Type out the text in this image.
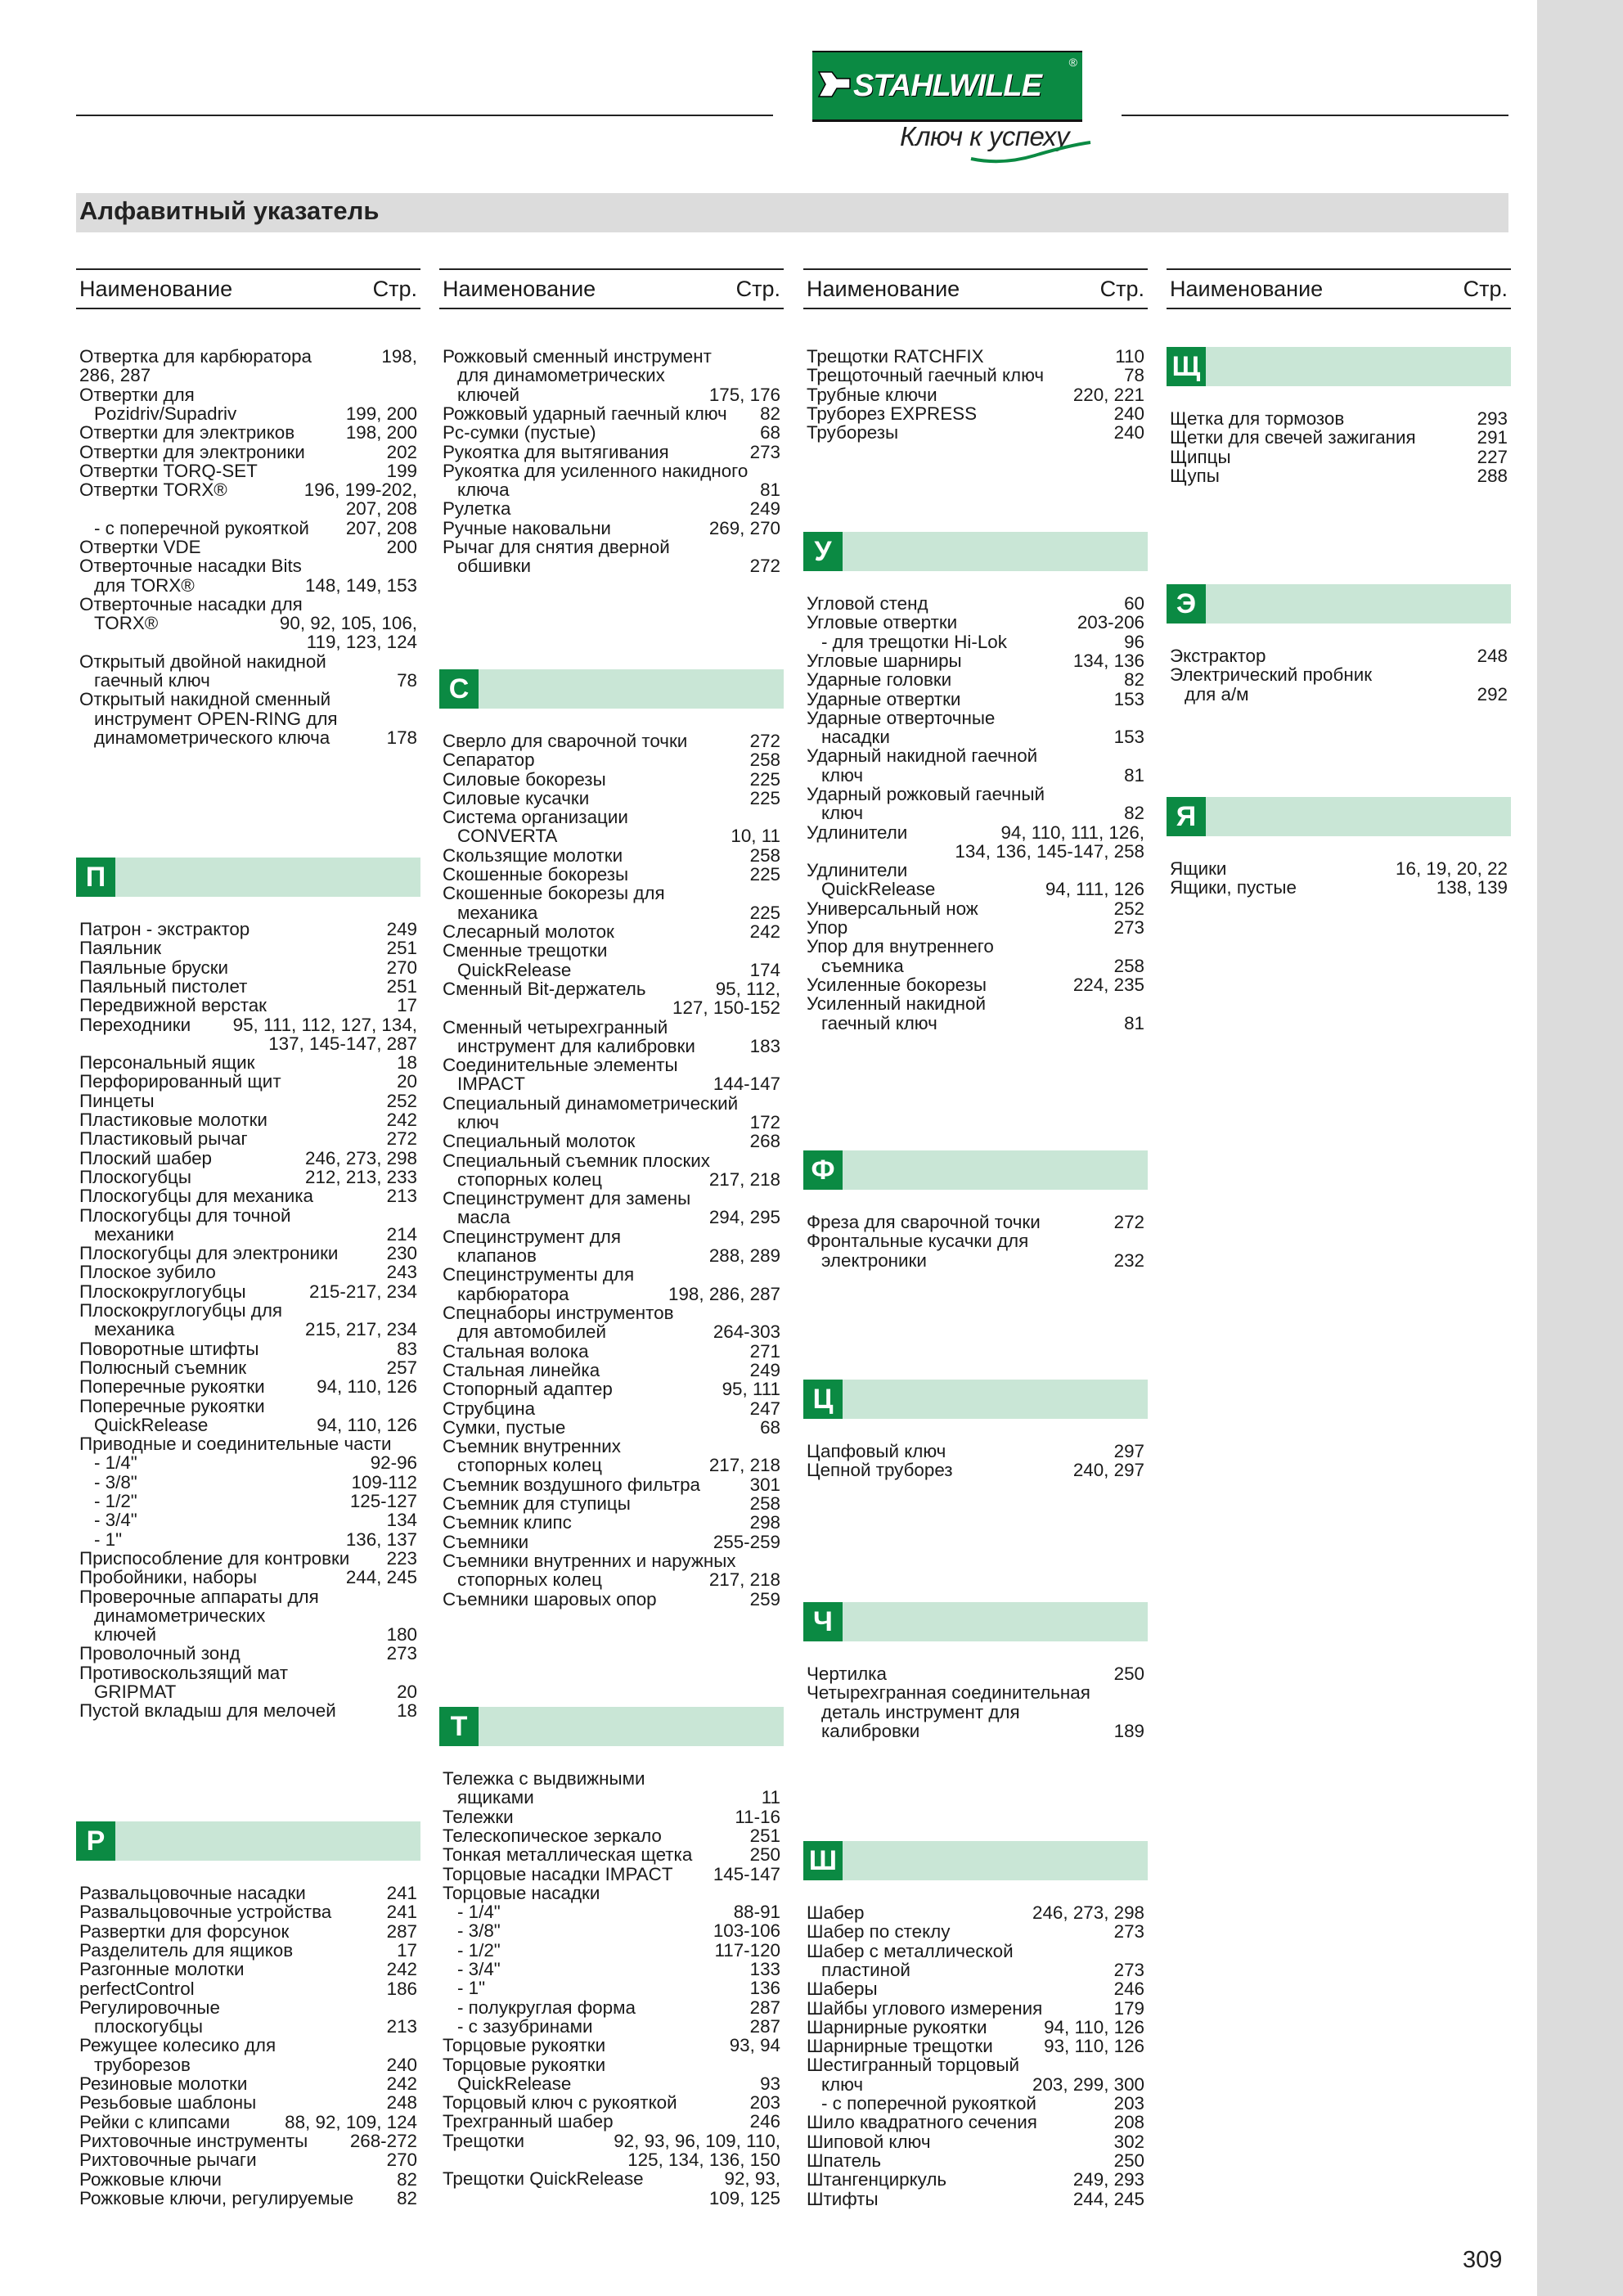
STAHLWILLE
®
Ключ к успеху
Алфавитный указатель
Наименование	Стр.
Отвертка для карбюратора	198,
286, 287
Отвертки для
Pozidriv/Supadriv	199, 200
Отвертки для электриков	198, 200
Отвертки для электроники	202
Отвертки TORQ-SET	199
Отвертки TORX®	196, 199-202,
207, 208
- с поперечной рукояткой 207, 208
Отвертки VDE	200
Отверточные насадки Bits
для TORX®	148, 149, 153
Отверточные насадки для
TORX®	90, 92, 105, 106,
119, 123, 124
Открытый двойной накидной
гаечный ключ	78
Открытый накидной сменный
инструмент OPEN-RING для
динамометрического ключа	178
П
Патрон - экстрактор	249
Паяльник	251
Паяльные бруски	270
Паяльный пистолет	251
Передвижной верстак	17
Переходники 95, 111, 112, 127, 134,
137, 145-147, 287
Персональный ящик	18
Перфорированный щит	20
Пинцеты	252
Пластиковые молотки	242
Пластиковый рычаг	272
Плоский шабер	246, 273, 298
Плоскогубцы	212, 213, 233
Плоскогубцы для механика	213
Плоскогубцы для точной
механики	214
Плоскогубцы для электроники	230
Плоское зубило	243
Плоскокруглогубцы	215-217, 234
Плоскокруглогубцы для
механика	215, 217, 234
Поворотные штифты	83
Полюсный съемник	257
Поперечные рукоятки	94, 110, 126
Поперечные рукоятки
QuickRelease	94, 110, 126
Приводные и соединительные части
- 1/4"	92-96
- 3/8"	109-112
- 1/2"	125-127
- 3/4"	134
- 1"	136, 137
Приспособление для контровки 223
Пробойники, наборы	244, 245
Проверочные аппараты для
динамометрических
ключей	180
Проволочный зонд	273
Противоскользящий мат
GRIPMAT	20
Пустой вкладыш для мелочей	18
Р
Развальцовочные насадки	241
Развальцовочные устройства	241
Развертки для форсунок	287
Разделитель для ящиков	17
Разгонные молотки	242
perfectControl	186
Регулировочные
плоскогубцы	213
Режущее колесико для
труборезов	240
Резиновые молотки	242
Резьбовые шаблоны	248
Рейки с клипсами	88, 92, 109, 124
Рихтовочные инструменты 268-272
Рихтовочные рычаги	270
Рожковые ключи	82
Рожковые ключи, регулируемые 82
Наименование	Стр.
Рожковый сменный инструмент
для динамометрических
ключей	175, 176
Рожковый ударный гаечный ключ 82
Рс-сумки (пустые)	68
Рукоятка для вытягивания	273
Рукоятка для усиленного накидного
ключа	81
Рулетка	249
Ручные наковальни	269, 270
Рычаг для снятия дверной
обшивки	272
С
Сверло для сварочной точки	272
Сепаратор	258
Силовые бокорезы	225
Силовые кусачки	225
Система организации
CONVERTA	10, 11
Скользящие молотки	258
Скошенные бокорезы	225
Скошенные бокорезы для
механика	225
Слесарный молоток	242
Сменные трещотки
QuickRelease	174
Сменный Bit-держатель	95, 112,
127, 150-152
Сменный четырехгранный
инструмент для калибровки	183
Соединительные элементы
IMPACT	144-147
Специальный динамометрический
ключ	172
Специальный молоток	268
Специальный съемник плоских
стопорных колец	217, 218
Специнструмент для замены
масла	294, 295
Специнструмент для
клапанов	288, 289
Специнструменты для
карбюратора	198, 286, 287
Спецнаборы инструментов
для автомобилей	264-303
Стальная волока	271
Стальная линейка	249
Стопорный адаптер	95, 111
Струбцина	247
Сумки, пустые	68
Съемник внутренних
стопорных колец	217, 218
Съемник воздушного фильтра	301
Съемник для ступицы	258
Съемник клипс	298
Съемники	255-259
Съемники внутренних и наружных
стопорных колец	217, 218
Съемники шаровых опор	259
Т
Тележка с выдвижными
ящиками	11
Тележки	11-16
Телескопическое зеркало	251
Тонкая металлическая щетка	250
Торцовые насадки IMPACT 145-147
Торцовые насадки
- 1/4"	88-91
- 3/8"	103-106
- 1/2"	117-120
- 3/4"	133
- 1"	136
- полукруглая форма	287
- с зазубринами	287
Торцовые рукоятки	93, 94
Торцовые рукоятки
QuickRelease	93
Торцовый ключ с рукояткой	203
Трехгранный шабер	246
Трещотки	92, 93, 96, 109, 110,
125, 134, 136, 150
Трещотки QuickRelease	92, 93,
109, 125
Наименование	Стр.
Трещотки RATCHFIX	110
Трещоточный гаечный ключ	78
Трубные ключи	220, 221
Труборез EXPRESS	240
Труборезы	240
У
Угловой стенд	60
Угловые отвертки	203-206
- для трещотки Hi-Lok	96
Угловые шарниры	134, 136
Ударные головки	82
Ударные отвертки	153
Ударные отверточные
насадки	153
Ударный накидной гаечной
ключ	81
Ударный рожковый гаечный
ключ	82
Удлинители	94, 110, 111, 126,
134, 136, 145-147, 258
Удлинители
QuickRelease	94, 111, 126
Универсальный нож	252
Упор	273
Упор для внутреннего
съемника	258
Усиленные бокорезы	224, 235
Усиленный накидной
гаечный ключ	81
Ф
Фреза для сварочной точки	272
Фронтальные кусачки для
электроники	232
Ц
Цапфовый ключ	297
Цепной труборез	240, 297
Ч
Чертилка	250
Четырехгранная соединительная
деталь инструмент для
калибровки	189
Ш
Шабер	246, 273, 298
Шабер по стеклу	273
Шабер с металлической
пластиной	273
Шаберы	246
Шайбы углового измерения	179
Шарнирные рукоятки	94, 110, 126
Шарнирные трещотки	93, 110, 126
Шестигранный торцовый
ключ	203, 299, 300
- с поперечной рукояткой	203
Шило квадратного сечения	208
Шиповой ключ	302
Шпатель	250
Штангенциркуль	249, 293
Штифты	244, 245
Наименование	Стр.
Щ
Щетка для тормозов	293
Щетки для свечей зажигания	291
Щипцы	227
Щупы	288
Э
Экстрактор	248
Электрический пробник
для а/м	292
Я
Ящики	16, 19, 20, 22
Ящики, пустые	138, 139
309
